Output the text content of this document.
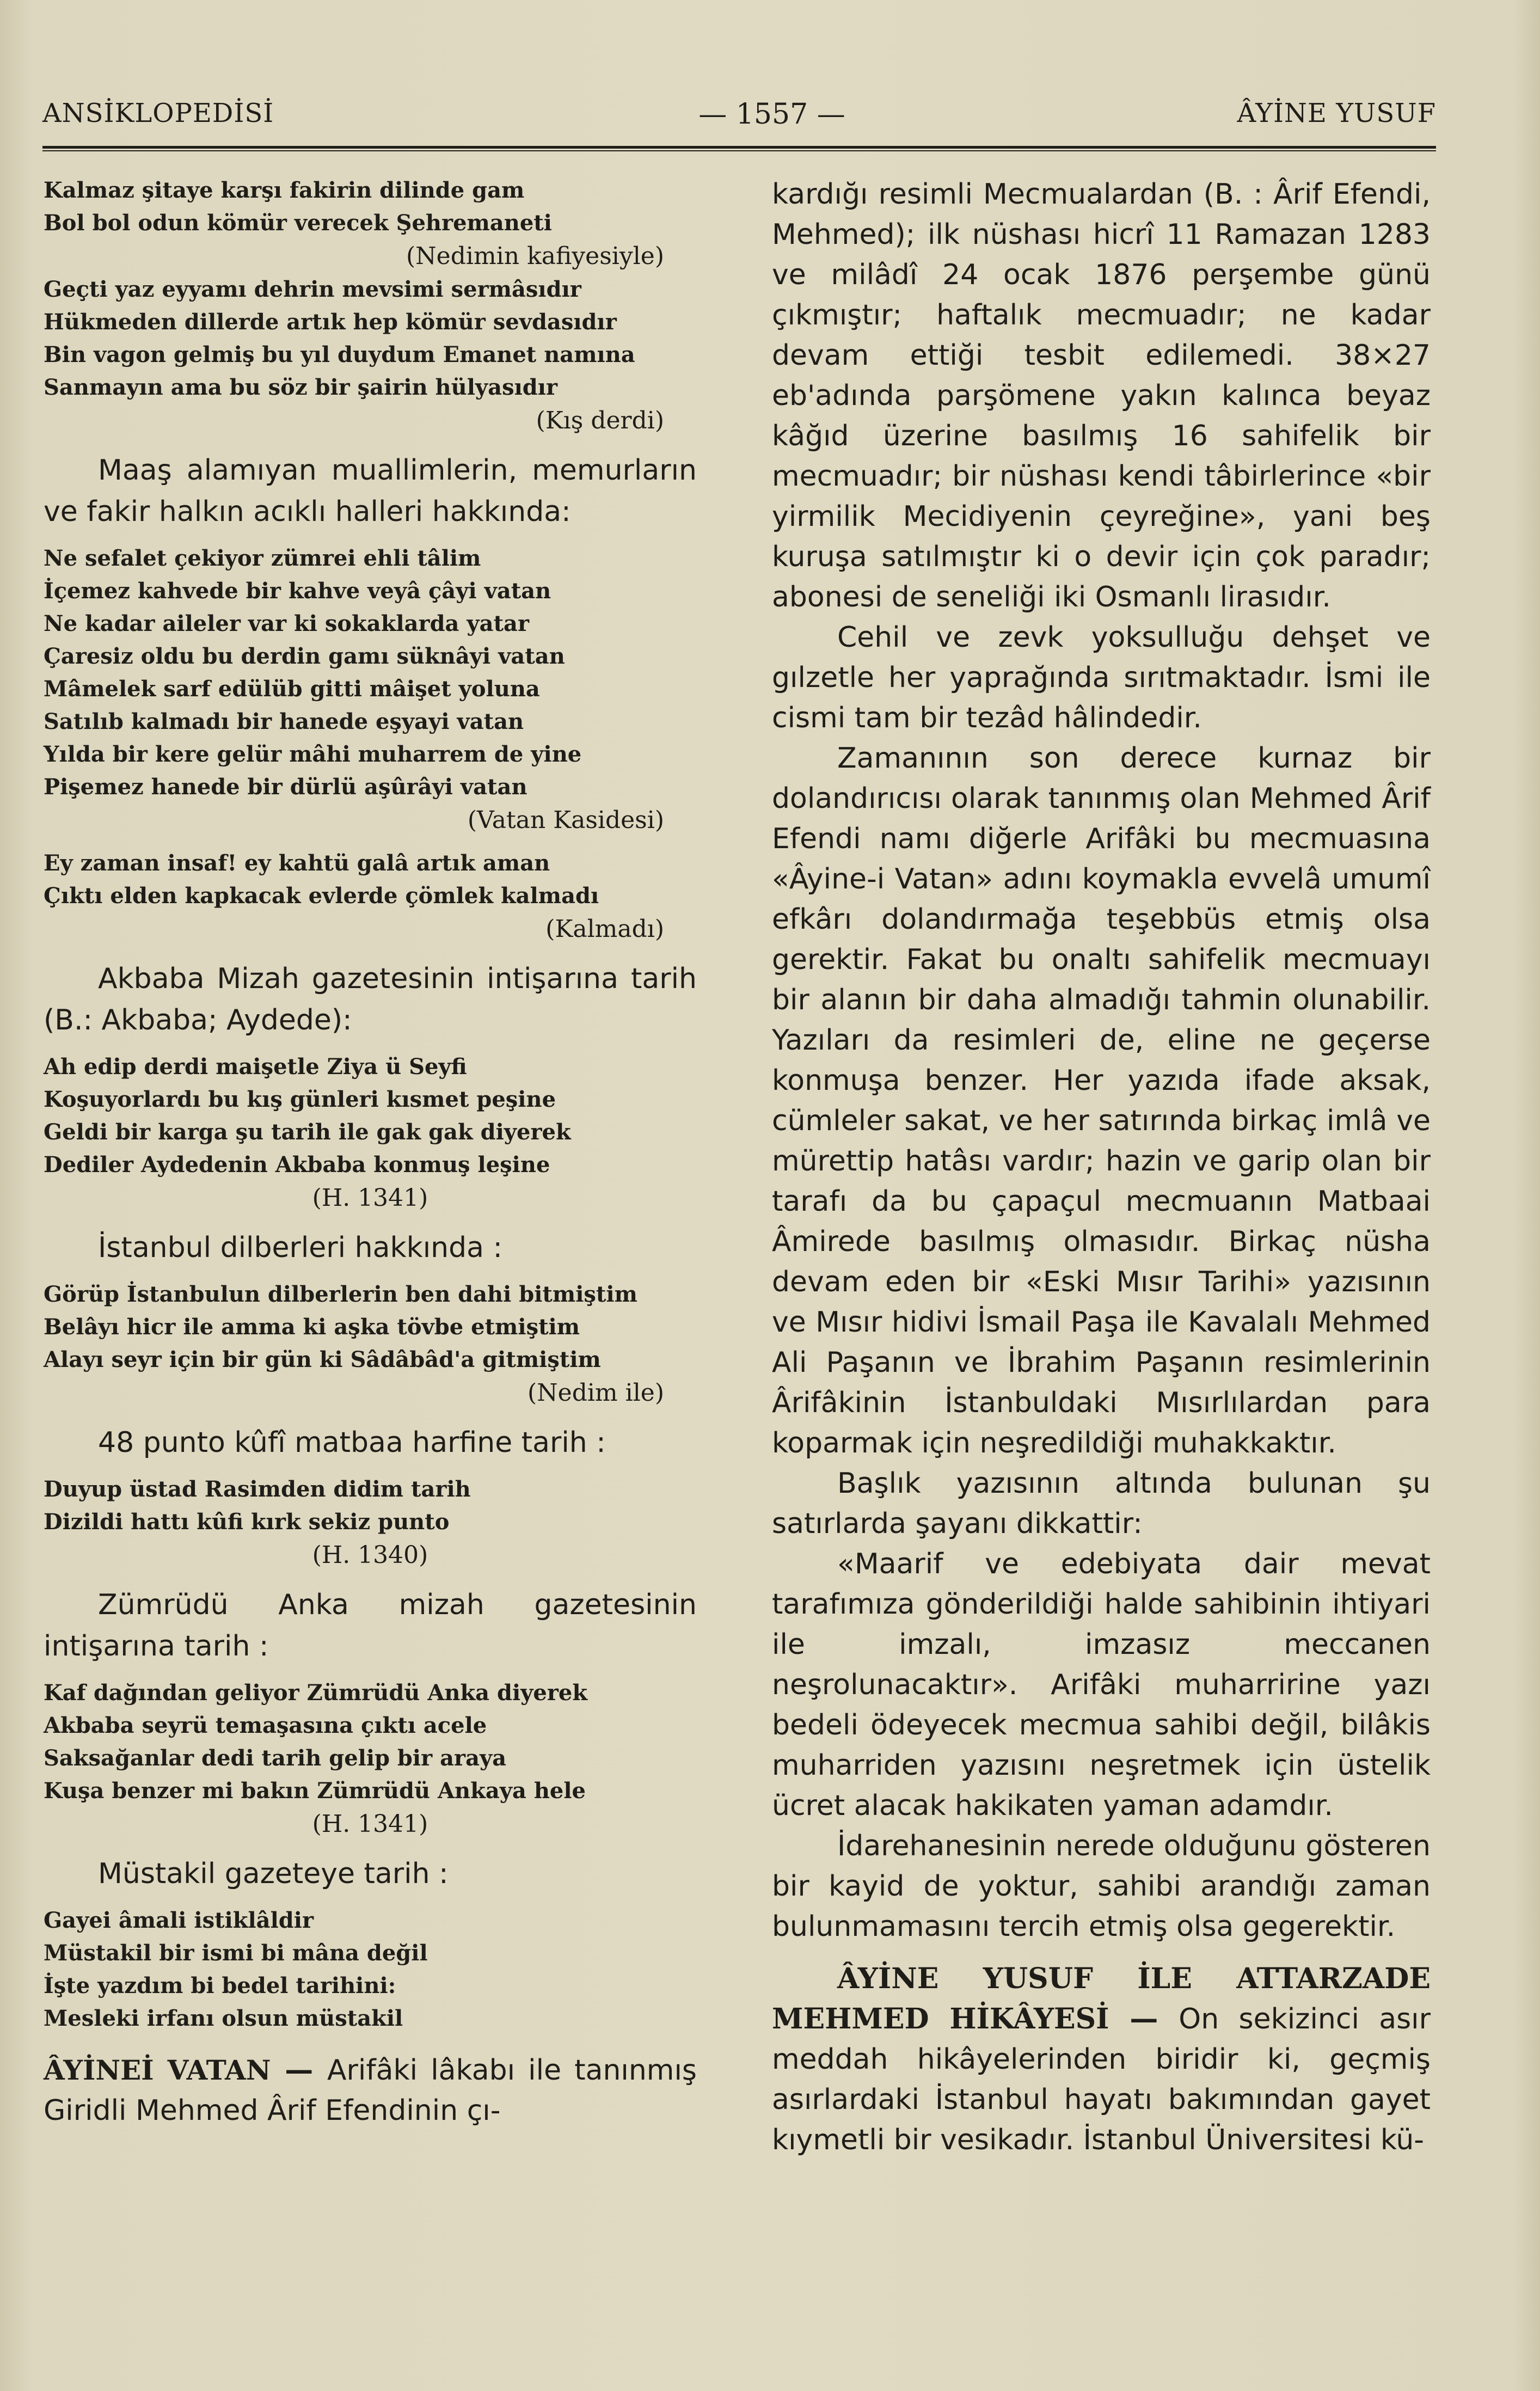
ANSİKLOPEDİSİ	— 1557 —	ÂYİNE YUSUF
Kalmaz şitaye karşı fakirin dilinde gam
Bol bol odun kömür verecek Şehremaneti
(Nedimin kafiyesiyle)
Geçti yaz eyyamı dehrin mevsimi sermâsıdır
Hükmeden dillerde artık hep kömür sevdasıdır
Bin vagon gelmiş bu yıl duydum Emanet namına
Sanmayın ama bu söz bir şairin hülyasıdır
(Kış derdi)

Maaş alamıyan muallimlerin, memurların ve fakir halkın acıklı halleri hakkında:

Ne sefalet çekiyor zümrei ehli tâlim
İçemez kahvede bir kahve veyâ çâyi vatan
Ne kadar aileler var ki sokaklarda yatar
Çaresiz oldu bu derdin gamı süknâyi vatan
Mâmelek sarf edülüb gitti mâişet yoluna
Satılıb kalmadı bir hanede eşyayi vatan
Yılda bir kere gelür mâhi muharrem de yine
Pişemez hanede bir dürlü aşûrâyi vatan
(Vatan Kasidesi)
Ey zaman insaf! ey kahtü galâ artık aman
Çıktı elden kapkacak evlerde çömlek kalmadı
(Kalmadı)

Akbaba Mizah gazetesinin intişarına tarih (B.: Akbaba; Aydede):

Ah edip derdi maişetle Ziya ü Seyfi
Koşuyorlardı bu kış günleri kısmet peşine
Geldi bir karga şu tarih ile gak gak diyerek
Dediler Aydedenin Akbaba konmuş leşine
(H. 1341)

İstanbul dilberleri hakkında :

Görüp İstanbulun dilberlerin ben dahi bitmiştim
Belâyı hicr ile amma ki aşka tövbe etmiştim
Alayı seyr için bir gün ki Sâdâbâd'a gitmiştim
(Nedim ile)

48 punto kûfî matbaa harfine tarih :

Duyup üstad Rasimden didim tarih
Dizildi hattı kûfi kırk sekiz punto
(H. 1340)

Zümrüdü Anka mizah gazetesinin intişarına tarih :

Kaf dağından geliyor Zümrüdü Anka diyerek
Akbaba seyrü temaşasına çıktı acele
Saksağanlar dedi tarih gelip bir araya
Kuşa benzer mi bakın Zümrüdü Ankaya hele
(H. 1341)

Müstakil gazeteye tarih :

Gayei âmali istiklâldir
Müstakil bir ismi bi mâna değil
İşte yazdım bi bedel tarihini:
Mesleki irfanı olsun müstakil

ÂYİNEİ VATAN — Arifâki lâkabı ile tanınmış Giridli Mehmed Ârif Efendinin çı-

kardığı resimli Mecmualardan (B. : Ârif Efendi, Mehmed); ilk nüshası hicrî 11 Ramazan 1283 ve milâdî 24 ocak 1876 perşembe günü çıkmıştır; haftalık mecmuadır; ne kadar devam ettiği tesbit edilemedi. 38×27 eb'adında parşömene yakın kalınca beyaz kâğıd üzerine basılmış 16 sahifelik bir mecmuadır; bir nüshası kendi tâbirlerince «bir yirmilik Mecidiyenin çeyreğine», yani beş kuruşa satılmıştır ki o devir için çok paradır; abonesi de seneliği iki Osmanlı lirasıdır.

Cehil ve zevk yoksulluğu dehşet ve gılzetle her yaprağında sırıtmaktadır. İsmi ile cismi tam bir tezâd hâlindedir.

Zamanının son derece kurnaz bir dolandırıcısı olarak tanınmış olan Mehmed Ârif Efendi namı diğerle Arifâki bu mecmuasına «Âyine-i Vatan» adını koymakla evvelâ umumî efkârı dolandırmağa teşebbüs etmiş olsa gerektir. Fakat bu onaltı sahifelik mecmuayı bir alanın bir daha almadığı tahmin olunabilir. Yazıları da resimleri de, eline ne geçerse konmuşa benzer. Her yazıda ifade aksak, cümleler sakat, ve her satırında birkaç imlâ ve mürettip hatâsı vardır; hazin ve garip olan bir tarafı da bu çapaçul mecmuanın Matbaai Âmirede basılmış olmasıdır. Birkaç nüsha devam eden bir «Eski Mısır Tarihi» yazısının ve Mısır hidivi İsmail Paşa ile Kavalalı Mehmed Ali Paşanın ve İbrahim Paşanın resimlerinin Ârifâkinin İstanbuldaki Mısırlılardan para koparmak için neşredildiği muhakkaktır.

Başlık yazısının altında bulunan şu satırlarda şayanı dikkattir:

«Maarif ve edebiyata dair mevat tarafımıza gönderildiği halde sahibinin ihtiyari ile imzalı, imzasız meccanen neşrolunacaktır». Arifâki muharririne yazı bedeli ödeyecek mecmua sahibi değil, bilâkis muharriden yazısını neşretmek için üstelik ücret alacak hakikaten yaman adamdır.

İdarehanesinin nerede olduğunu gösteren bir kayid de yoktur, sahibi arandığı zaman bulunmamasını tercih etmiş olsa gegerektir.

ÂYİNE YUSUF İLE ATTARZADE MEHMED HİKÂYESİ — On sekizinci asır meddah hikâyelerinden biridir ki, geçmiş asırlardaki İstanbul hayatı bakımından gayet kıymetli bir vesikadır. İstanbul Üniversitesi kü-
